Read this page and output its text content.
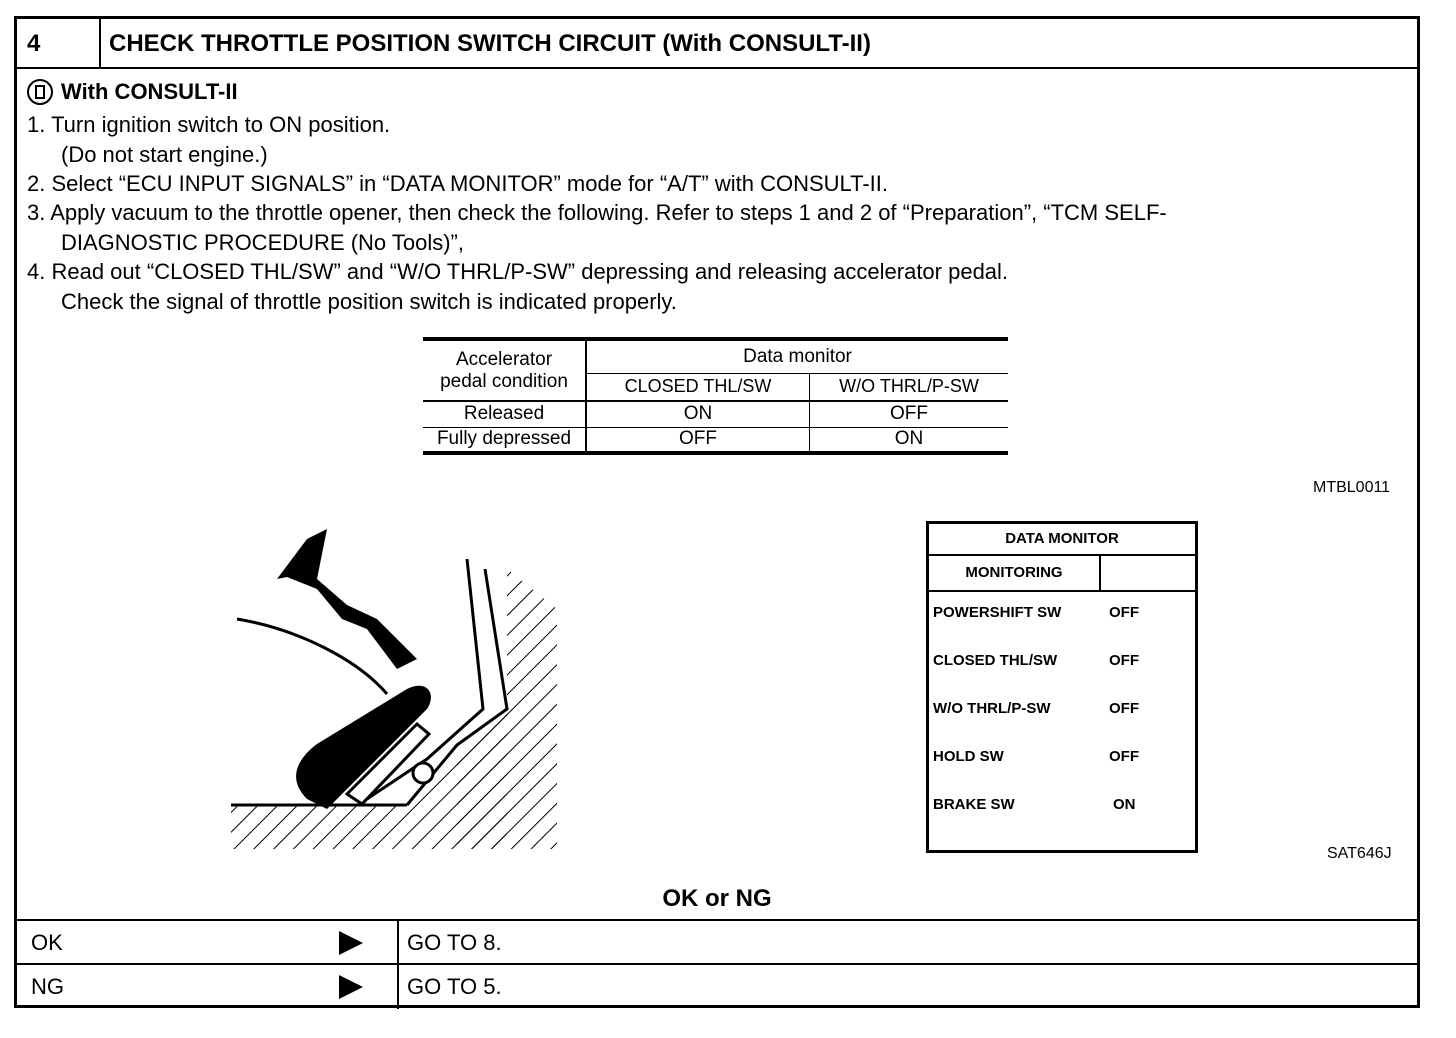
4	CHECK THROTTLE POSITION SWITCH CIRCUIT (With CONSULT-II)
With CONSULT-II
1. Turn ignition switch to ON position.
(Do not start engine.)
2. Select “ECU INPUT SIGNALS” in “DATA MONITOR” mode for “A/T” with CONSULT-II.
3. Apply vacuum to the throttle opener, then check the following. Refer to steps 1 and 2 of “Preparation”, “TCM SELF-
DIAGNOSTIC PROCEDURE (No Tools)”,
4. Read out “CLOSED THL/SW” and “W/O THRL/P-SW” depressing and releasing accelerator pedal.
Check the signal of throttle position switch is indicated properly.
Accelerator
pedal condition	Data monitor	
	CLOSED THL/SW	W/O THRL/P-SW
Released	ON	OFF
Fully depressed	OFF	ON
MTBL0011
DATA MONITOR
MONITORING
POWERSHIFT SW	OFF
CLOSED THL/SW	OFF
W/O THRL/P-SW	OFF
HOLD SW	OFF
BRAKE SW	ON
SAT646J
OK or NG
OK	GO TO 8.
NG	GO TO 5.
